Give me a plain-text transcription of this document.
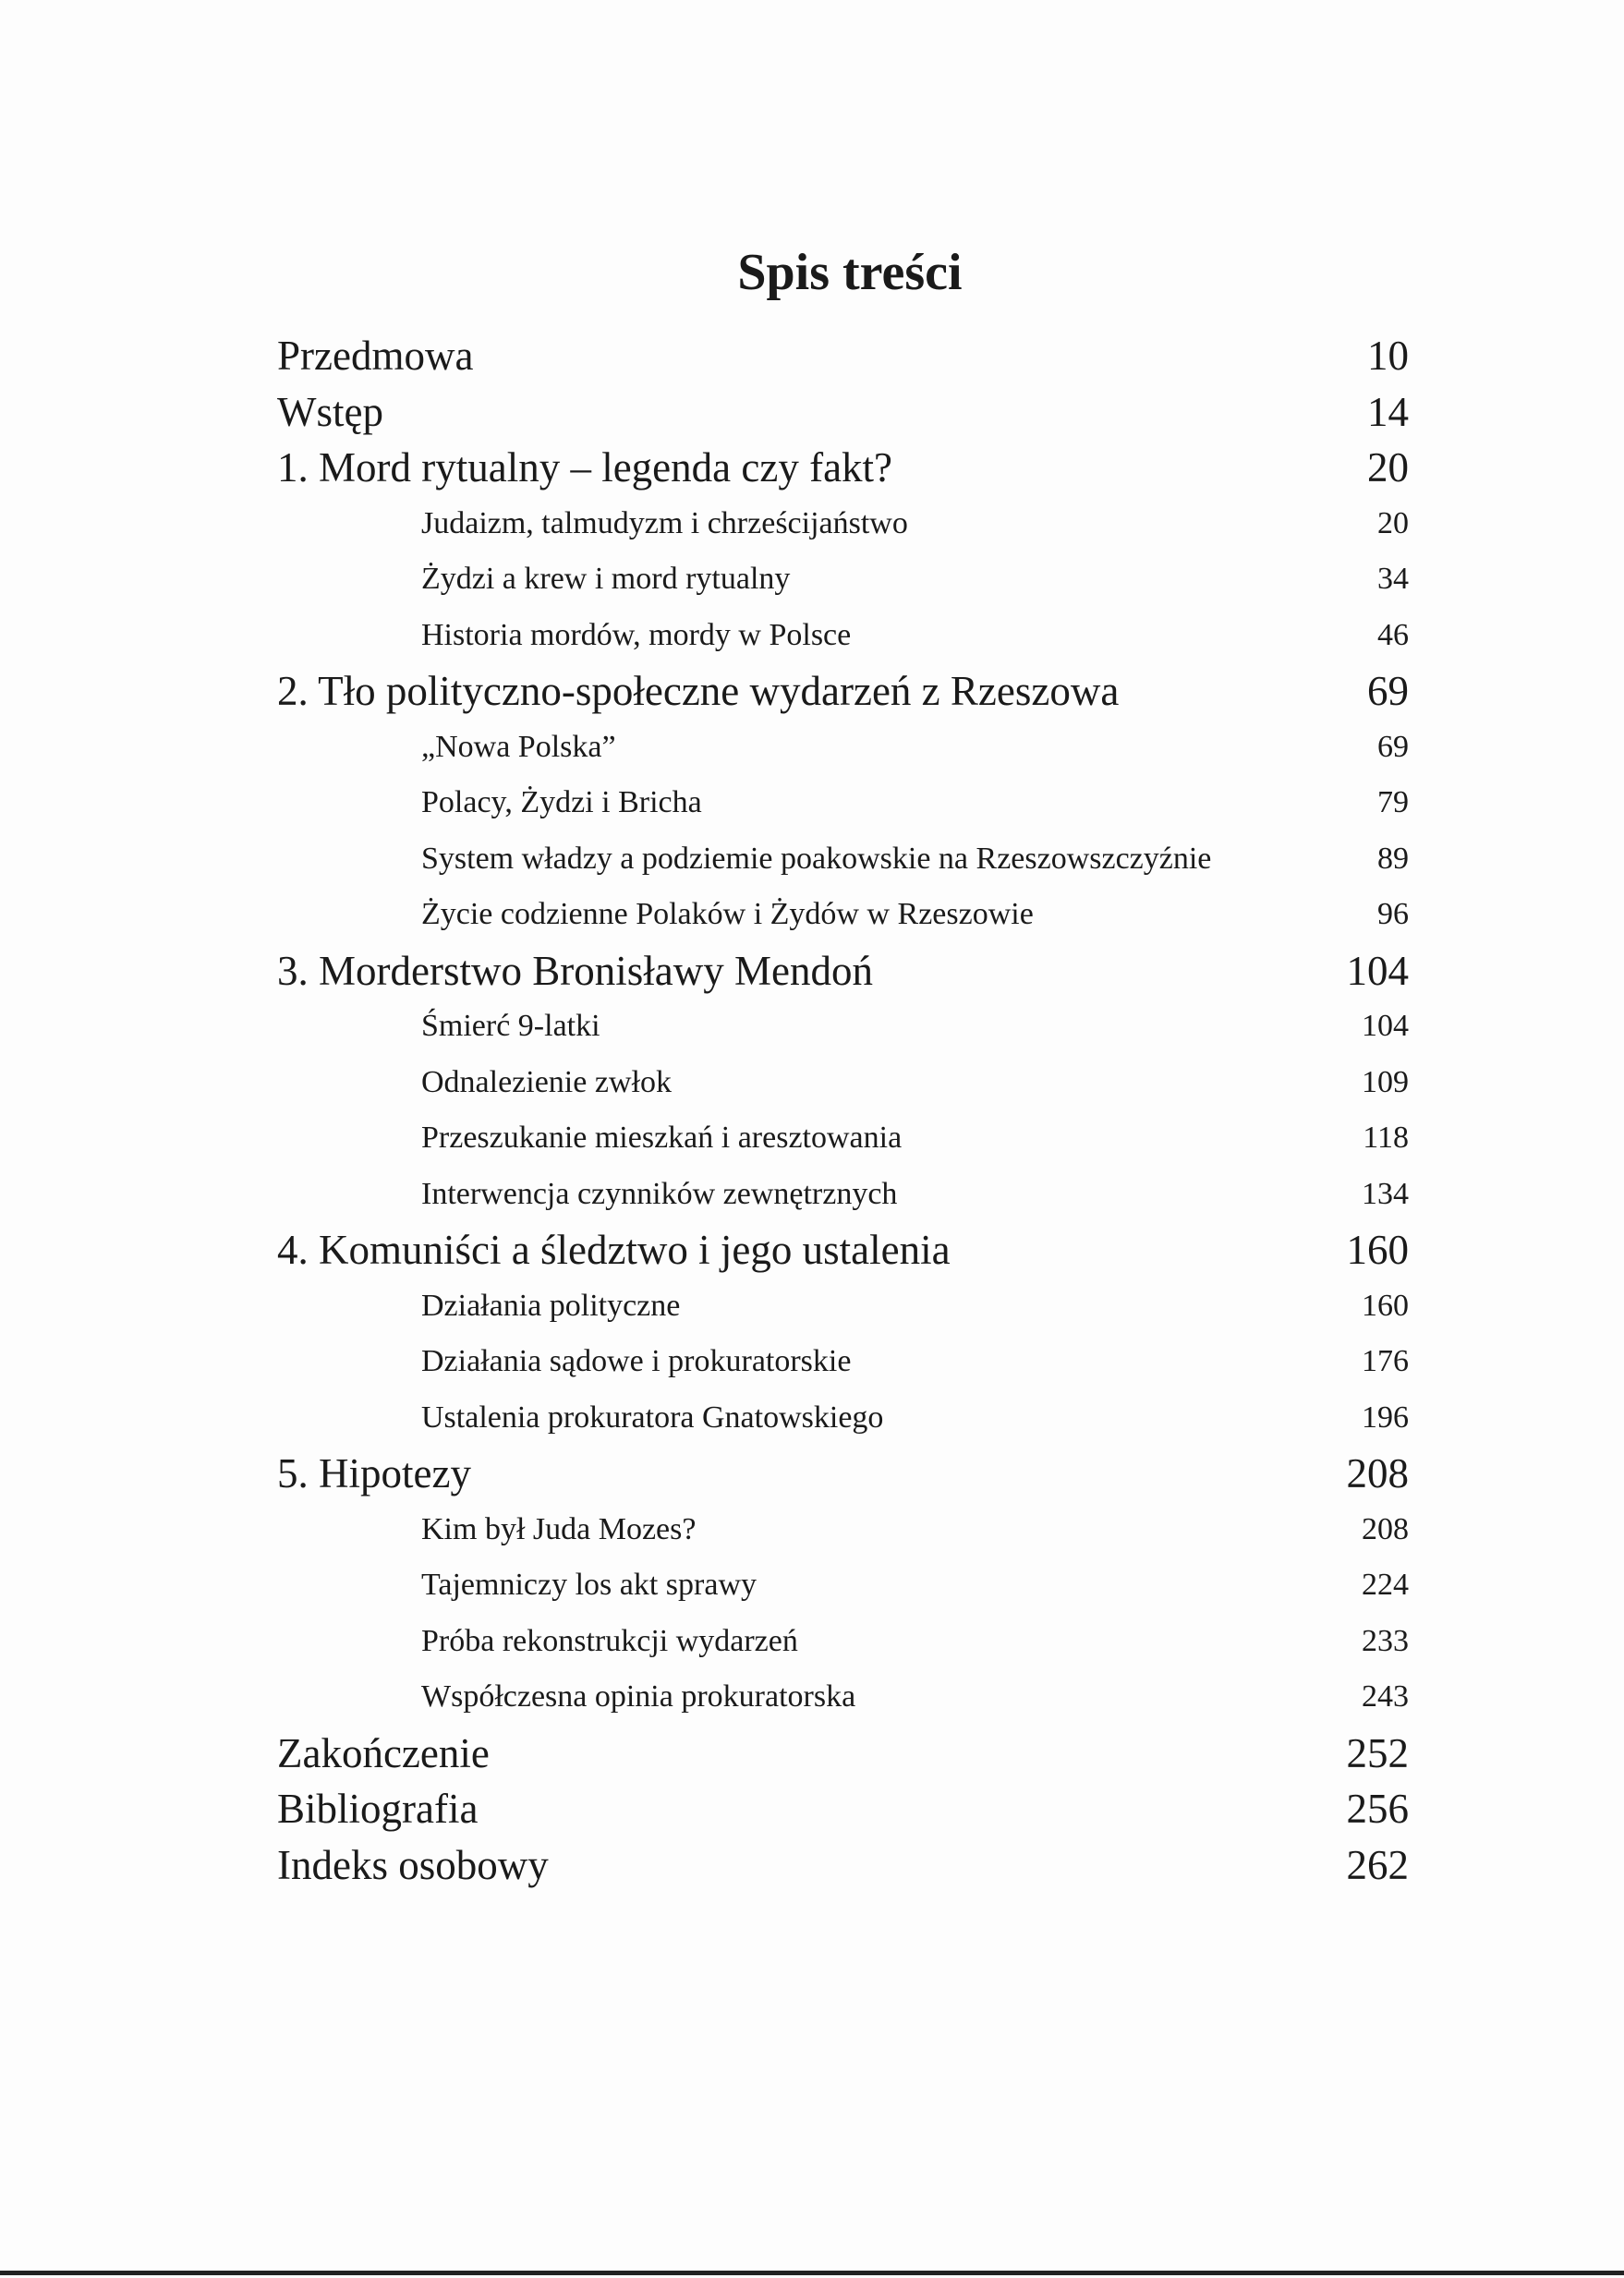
Spis treści
Przedmowa	10
Wstęp	14
1. Mord rytualny – legenda czy fakt?	20
Judaizm, talmudyzm i chrześcijaństwo	20
Żydzi a krew i mord rytualny	34
Historia mordów, mordy w Polsce	46
2. Tło polityczno-społeczne wydarzeń z Rzeszowa	69
„Nowa Polska”	69
Polacy, Żydzi i Bricha	79
System władzy a podziemie poakowskie na Rzeszowszczyźnie	89
Życie codzienne Polaków i Żydów w Rzeszowie	96
3. Morderstwo Bronisławy Mendoń	104
Śmierć 9-latki	104
Odnalezienie zwłok	109
Przeszukanie mieszkań i aresztowania	118
Interwencja czynników zewnętrznych	134
4. Komuniści a śledztwo i jego ustalenia	160
Działania polityczne	160
Działania sądowe i prokuratorskie	176
Ustalenia prokuratora Gnatowskiego	196
5. Hipotezy	208
Kim był Juda Mozes?	208
Tajemniczy los akt sprawy	224
Próba rekonstrukcji wydarzeń	233
Współczesna opinia prokuratorska	243
Zakończenie	252
Bibliografia	256
Indeks osobowy	262
